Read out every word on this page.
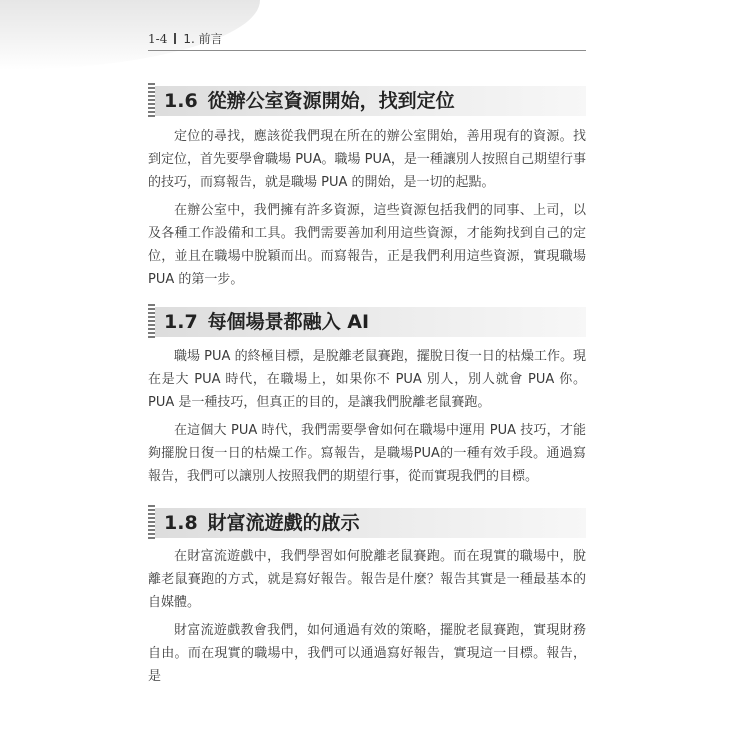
1-4 1. 前言
1.6 從辦公室資源開始，找到定位

定位的尋找，應該從我們現在所在的辦公室開始，善用現有的資源。找到定位，首先要學會職場 PUA。職場 PUA，是一種讓別人按照自己期望行事的技巧，而寫報告，就是職場 PUA 的開始，是一切的起點。

在辦公室中，我們擁有許多資源，這些資源包括我們的同事、上司，以及各種工作設備和工具。我們需要善加利用這些資源，才能夠找到自己的定位，並且在職場中脫穎而出。而寫報告，正是我們利用這些資源，實現職場 PUA 的第一步。

1.7 每個場景都融入 AI

職場 PUA 的終極目標，是脫離老鼠賽跑，擺脫日復一日的枯燥工作。現在是大 PUA 時代，在職場上，如果你不 PUA 別人，別人就會 PUA 你。PUA 是一種技巧，但真正的目的，是讓我們脫離老鼠賽跑。

在這個大 PUA 時代，我們需要學會如何在職場中運用 PUA 技巧，才能夠擺脫日復一日的枯燥工作。寫報告，是職場PUA的一種有效手段。通過寫報告，我們可以讓別人按照我們的期望行事，從而實現我們的目標。

1.8 財富流遊戲的啟示

在財富流遊戲中，我們學習如何脫離老鼠賽跑。而在現實的職場中，脫離老鼠賽跑的方式，就是寫好報告。報告是什麼？報告其實是一種最基本的自媒體。

財富流遊戲教會我們，如何通過有效的策略，擺脫老鼠賽跑，實現財務自由。而在現實的職場中，我們可以通過寫好報告，實現這一目標。報告，是
